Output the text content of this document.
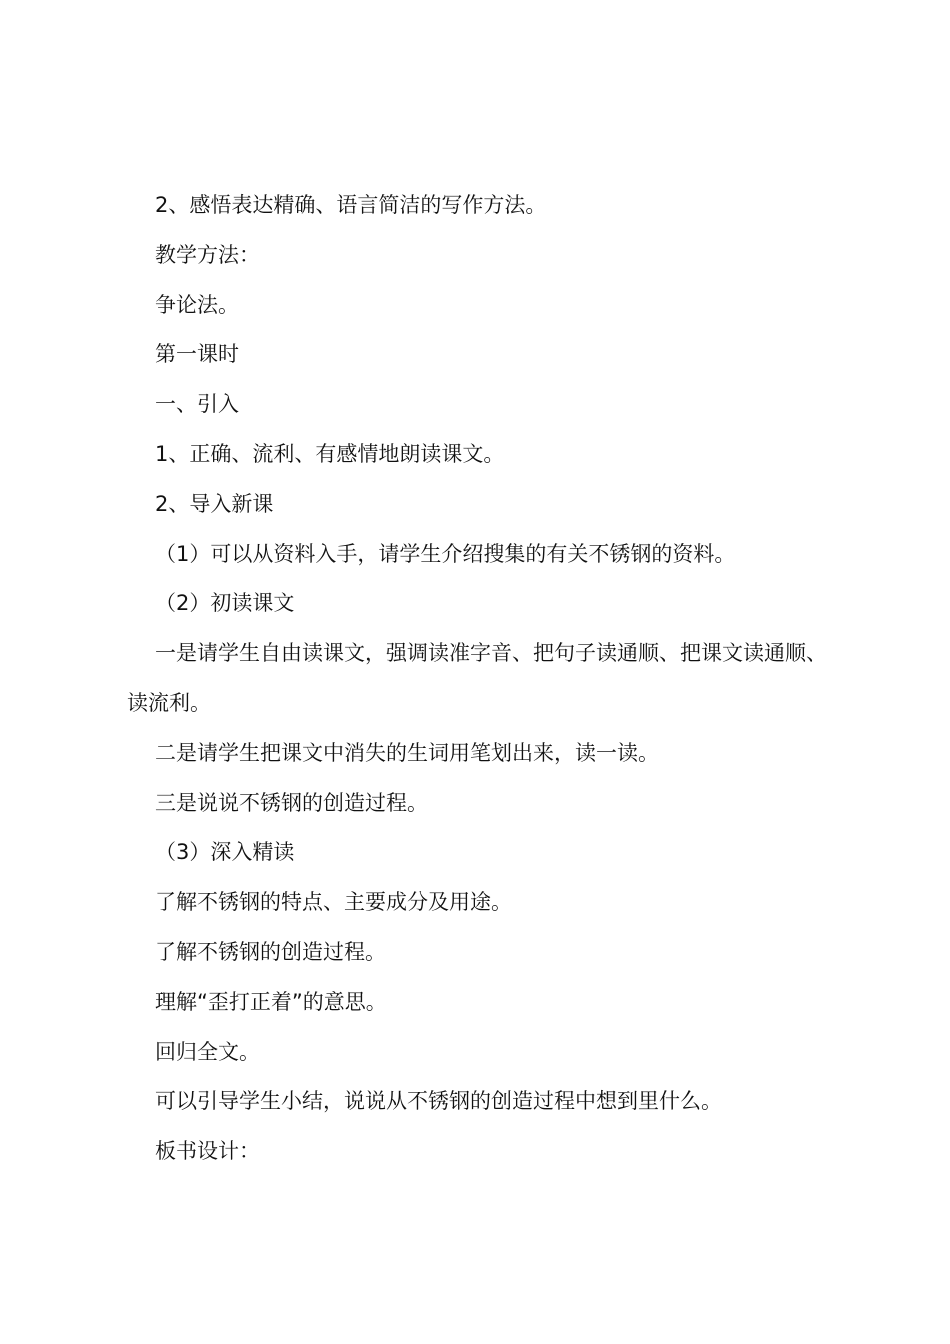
2、感悟表达精确、语言简洁的写作方法。

教学方法：

争论法。

第一课时

一、引入

1、正确、流利、有感情地朗读课文。

2、导入新课

（1）可以从资料入手，请学生介绍搜集的有关不锈钢的资料。

（2）初读课文

一是请学生自由读课文，强调读准字音、把句子读通顺、把课文读通顺、读流利。

二是请学生把课文中消失的生词用笔划出来，读一读。

三是说说不锈钢的创造过程。

（3）深入精读

了解不锈钢的特点、主要成分及用途。

了解不锈钢的创造过程。

理解“歪打正着”的意思。

回归全文。

可以引导学生小结，说说从不锈钢的创造过程中想到里什么。

板书设计：
